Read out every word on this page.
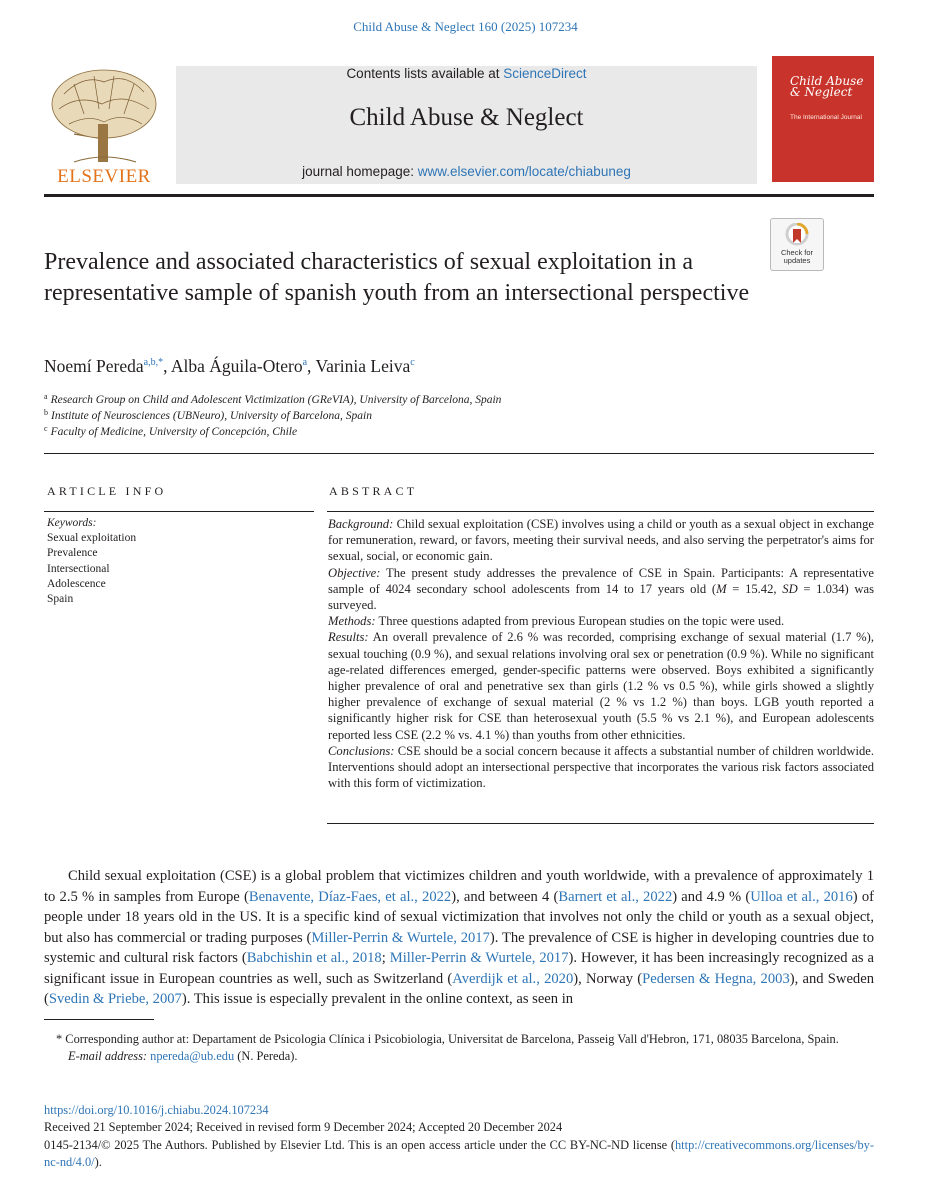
Child Abuse & Neglect 160 (2025) 107234
ELSEVIER
Contents lists available at ScienceDirect
Child Abuse & Neglect
journal homepage: www.elsevier.com/locate/chiabuneg
Child Abuse & Neglect
The International Journal
Check for updates
Prevalence and associated characteristics of sexual exploitation in a representative sample of spanish youth from an intersectional perspective
Noemí Pereda$^{a,b,*}$, Alba Águila-Otero$^a$, Varinia Leiva$^c$
$^a$ Research Group on Child and Adolescent Victimization (GReVIA), University of Barcelona, Spain
$^b$ Institute of Neurosciences (UBNeuro), University of Barcelona, Spain
$^c$ Faculty of Medicine, University of Concepción, Chile
ARTICLE INFO
Keywords:
Sexual exploitation
Prevalence
Intersectional
Adolescence
Spain
ABSTRACT

Background: Child sexual exploitation (CSE) involves using a child or youth as a sexual object in exchange for remuneration, reward, or favors, meeting their survival needs, and also serving the perpetrator's aims for sexual, social, or economic gain.

Objective: The present study addresses the prevalence of CSE in Spain. Participants: A representative sample of 4024 secondary school adolescents from 14 to 17 years old (M = 15.42, SD = 1.034) was surveyed.

Methods: Three questions adapted from previous European studies on the topic were used.

Results: An overall prevalence of 2.6 % was recorded, comprising exchange of sexual material (1.7 %), sexual touching (0.9 %), and sexual relations involving oral sex or penetration (0.9 %). While no significant age-related differences emerged, gender-specific patterns were observed. Boys exhibited a significantly higher prevalence of oral and penetrative sex than girls (1.2 % vs 0.5 %), while girls showed a slightly higher prevalence of exchange of sexual material (2 % vs 1.2 %) than boys. LGB youth reported a significantly higher risk for CSE than heterosexual youth (5.5 % vs 2.1 %), and European adolescents reported less CSE (2.2 % vs. 4.1 %) than youths from other ethnicities.

Conclusions: CSE should be a social concern because it affects a substantial number of children worldwide. Interventions should adopt an intersectional perspective that incorporates the various risk factors associated with this form of victimization.

Child sexual exploitation (CSE) is a global problem that victimizes children and youth worldwide, with a prevalence of approximately 1 to 2.5 % in samples from Europe (Benavente, Díaz-Faes, et al., 2022), and between 4 (Barnert et al., 2022) and 4.9 % (Ulloa et al., 2016) of people under 18 years old in the US. It is a specific kind of sexual victimization that involves not only the child or youth as a sexual object, but also has commercial or trading purposes (Miller-Perrin & Wurtele, 2017). The prevalence of CSE is higher in developing countries due to systemic and cultural risk factors (Babchishin et al., 2018; Miller-Perrin & Wurtele, 2017). However, it has been increasingly recognized as a significant issue in European countries as well, such as Switzerland (Averdijk et al., 2020), Norway (Pedersen & Hegna, 2003), and Sweden (Svedin & Priebe, 2007). This issue is especially prevalent in the online context, as seen in

* Corresponding author at: Departament de Psicologia Clínica i Psicobiologia, Universitat de Barcelona, Passeig Vall d'Hebron, 171, 08035 Barcelona, Spain.

E-mail address: npereda@ub.edu (N. Pereda).

https://doi.org/10.1016/j.chiabu.2024.107234
Received 21 September 2024; Received in revised form 9 December 2024; Accepted 20 December 2024
0145-2134/© 2025 The Authors. Published by Elsevier Ltd. This is an open access article under the CC BY-NC-ND license (http://creativecommons.org/licenses/by-nc-nd/4.0/).
